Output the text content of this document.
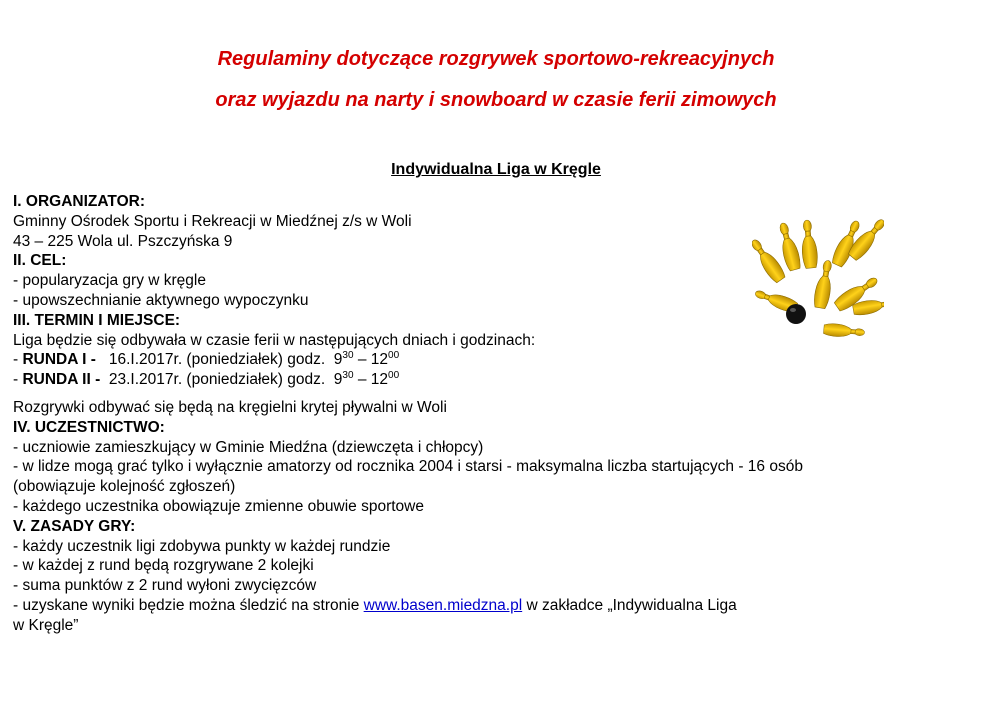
Regulaminy dotyczące rozgrywek sportowo-rekreacyjnych
oraz wyjazdu na narty i snowboard w czasie ferii zimowych
Indywidualna Liga w Kręgle
I. ORGANIZATOR:
Gminny Ośrodek Sportu i Rekreacji w Miedźnej z/s w Woli
43 – 225 Wola ul. Pszczyńska 9
II. CEL:
- popularyzacja gry w kręgle
- upowszechnianie aktywnego wypoczynku
III. TERMIN I MIEJSCE:
Liga będzie się odbywała w czasie ferii w następujących dniach i godzinach:
- RUNDA I -   16.I.2017r. (poniedziałek) godz. $9^{30} - 12^{00}$
- RUNDA II -  23.I.2017r. (poniedziałek) godz. $9^{30} - 12^{00}$
Rozgrywki odbywać się będą na kręgielni krytej pływalni w Woli
IV. UCZESTNICTWO:
- uczniowie zamieszkujący w Gminie Miedźna (dziewczęta i chłopcy)
- w lidze mogą grać tylko i wyłącznie amatorzy od rocznika 2004 i starsi - maksymalna liczba startujących - 16 osób
(obowiązuje kolejność zgłoszeń)
- każdego uczestnika obowiązuje zmienne obuwie sportowe
V. ZASADY GRY:
- każdy uczestnik ligi zdobywa punkty w każdej rundzie
- w każdej z rund będą rozgrywane 2 kolejki
- suma punktów z 2 rund wyłoni zwycięzców
- uzyskane wyniki będzie można śledzić na stronie www.basen.miedzna.pl w zakładce „Indywidualna Liga
w Kręgle”
